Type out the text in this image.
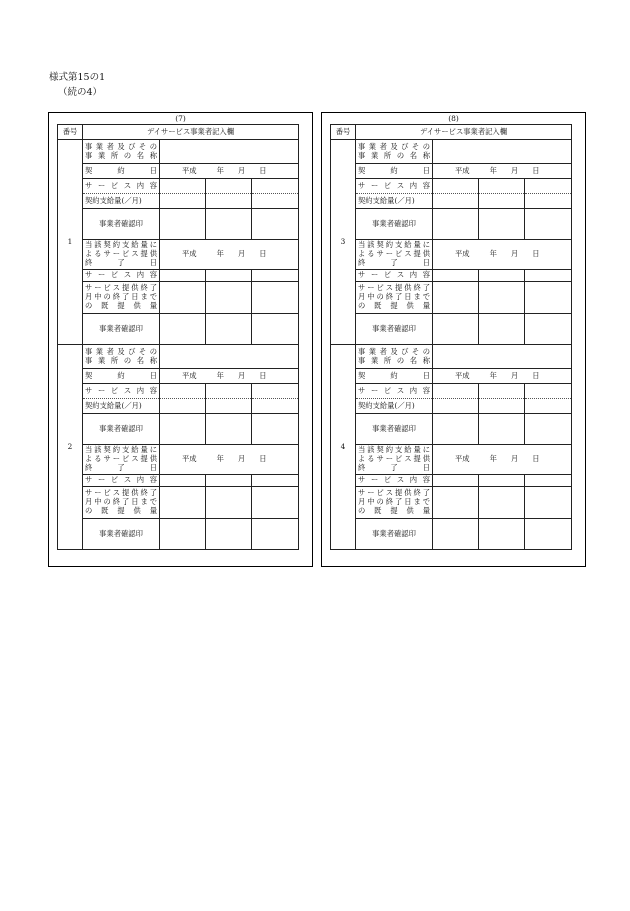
様式第15の1
（続の4）
(7)
番号	デイサービス事業者記入欄			
1	事業者及びその
事業所の名称			

	契約日	平成 年 月 日		

	サービス内容			

	契約支給量(／月)			
	事業者確認印			

	当該契約支給量に
よるサービス提供
終了日	平成 年 月 日		

	サービス内容			

	サービス提供終了
月中の終了日まで
の既提供量			

	事業者確認印			
2	事業者及びその
事業所の名称			

	契約日	平成 年 月 日		

	サービス内容			

	契約支給量(／月)			
	事業者確認印			

	当該契約支給量に
よるサービス提供
終了日	平成 年 月 日		

	サービス内容			

	サービス提供終了
月中の終了日まで
の既提供量			

	事業者確認印			
(8)
番号	デイサービス事業者記入欄			
3	事業者及びその
事業所の名称			

	契約日	平成 年 月 日		

	サービス内容			

	契約支給量(／月)			
	事業者確認印			

	当該契約支給量に
よるサービス提供
終了日	平成 年 月 日		

	サービス内容			

	サービス提供終了
月中の終了日まで
の既提供量			

	事業者確認印			
4	事業者及びその
事業所の名称			

	契約日	平成 年 月 日		

	サービス内容			

	契約支給量(／月)			
	事業者確認印			

	当該契約支給量に
よるサービス提供
終了日	平成 年 月 日		

	サービス内容			

	サービス提供終了
月中の終了日まで
の既提供量			

	事業者確認印			
